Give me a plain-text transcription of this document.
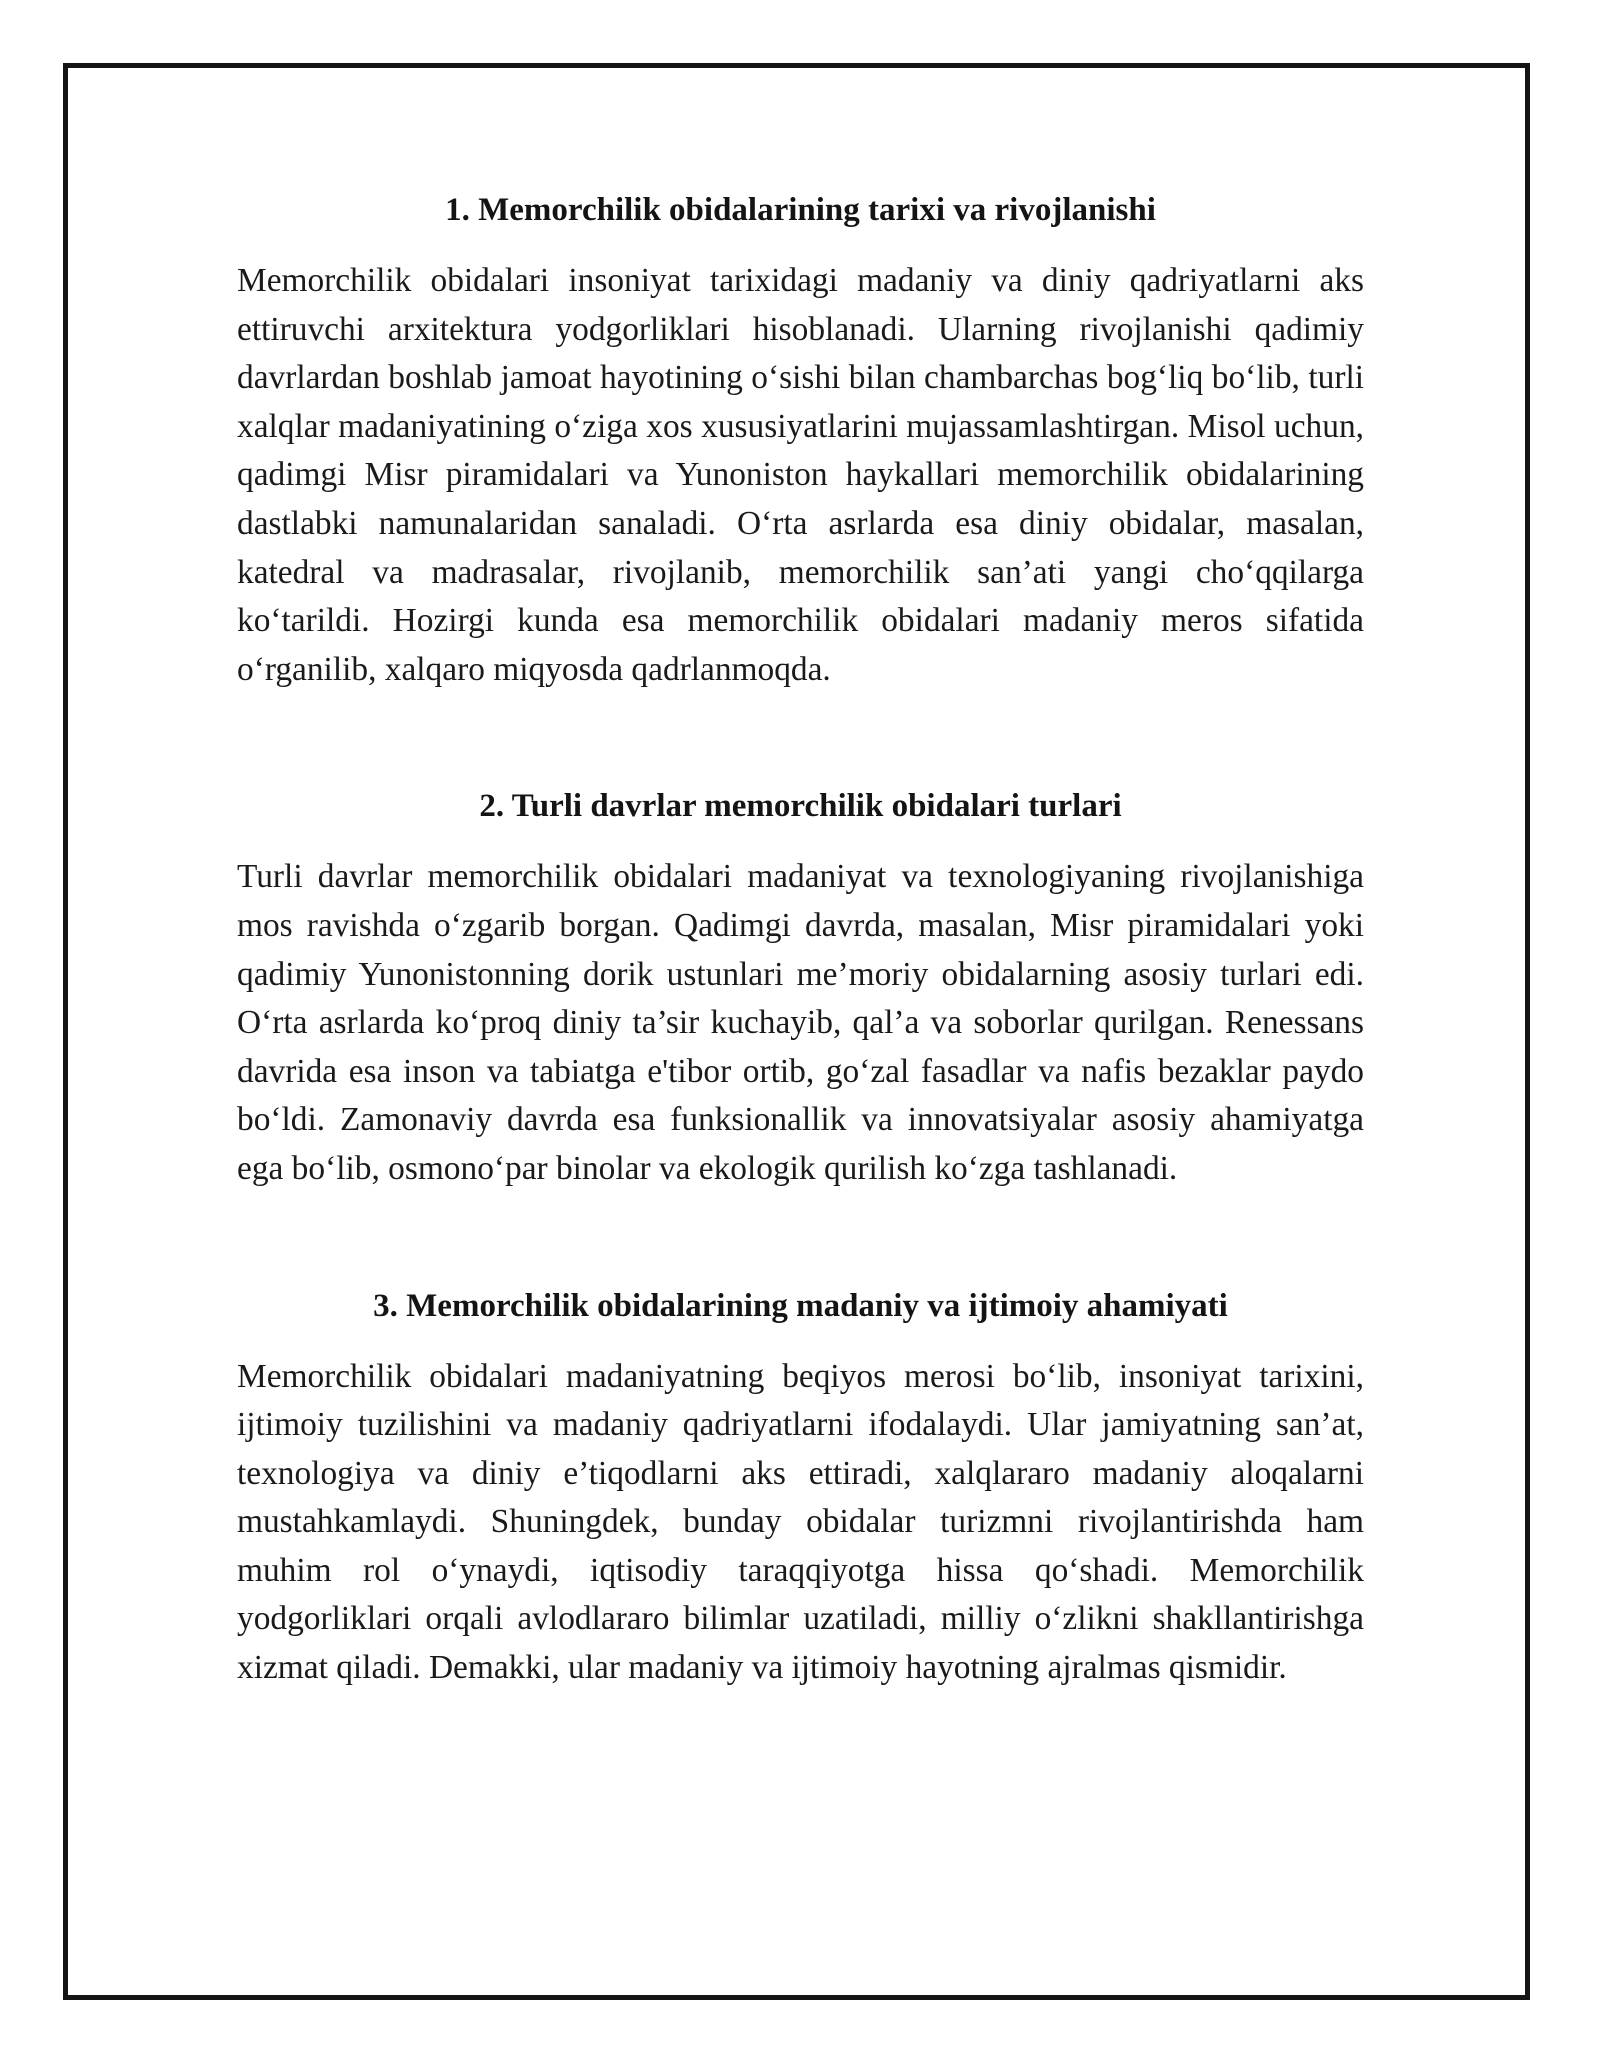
1. Memorchilik obidalarining tarixi va rivojlanishi

Memorchilik obidalari insoniyat tarixidagi madaniy va diniy qadriyatlarni aks ettiruvchi arxitektura yodgorliklari hisoblanadi. Ularning rivojlanishi qadimiy davrlardan boshlab jamoat hayotining o‘sishi bilan chambarchas bog‘liq bo‘lib, turli xalqlar madaniyatining o‘ziga xos xususiyatlarini mujassamlashtirgan. Misol uchun, qadimgi Misr piramidalari va Yunoniston haykallari memorchilik obidalarining dastlabki namunalaridan sanaladi. O‘rta asrlarda esa diniy obidalar, masalan, katedral va madrasalar, rivojlanib, memorchilik san’ati yangi cho‘qqilarga ko‘tarildi. Hozirgi kunda esa memorchilik obidalari madaniy meros sifatida o‘rganilib, xalqaro miqyosda qadrlanmoqda.

2. Turli davrlar memorchilik obidalari turlari

Turli davrlar memorchilik obidalari madaniyat va texnologiyaning rivojlanishiga mos ravishda o‘zgarib borgan. Qadimgi davrda, masalan, Misr piramidalari yoki qadimiy Yunonistonning dorik ustunlari me’moriy obidalarning asosiy turlari edi. O‘rta asrlarda ko‘proq diniy ta’sir kuchayib, qal’a va soborlar qurilgan. Renessans davrida esa inson va tabiatga e'tibor ortib, go‘zal fasadlar va nafis bezaklar paydo bo‘ldi. Zamonaviy davrda esa funksionallik va innovatsiyalar asosiy ahamiyatga ega bo‘lib, osmono‘par binolar va ekologik qurilish ko‘zga tashlanadi.

3. Memorchilik obidalarining madaniy va ijtimoiy ahamiyati

Memorchilik obidalari madaniyatning beqiyos merosi bo‘lib, insoniyat tarixini, ijtimoiy tuzilishini va madaniy qadriyatlarni ifodalaydi. Ular jamiyatning san’at, texnologiya va diniy e’tiqodlarni aks ettiradi, xalqlararo madaniy aloqalarni mustahkamlaydi. Shuningdek, bunday obidalar turizmni rivojlantirishda ham muhim rol o‘ynaydi, iqtisodiy taraqqiyotga hissa qo‘shadi. Memorchilik yodgorliklari orqali avlodlararo bilimlar uzatiladi, milliy o‘zlikni shakllantirishga xizmat qiladi. Demakki, ular madaniy va ijtimoiy hayotning ajralmas qismidir.
